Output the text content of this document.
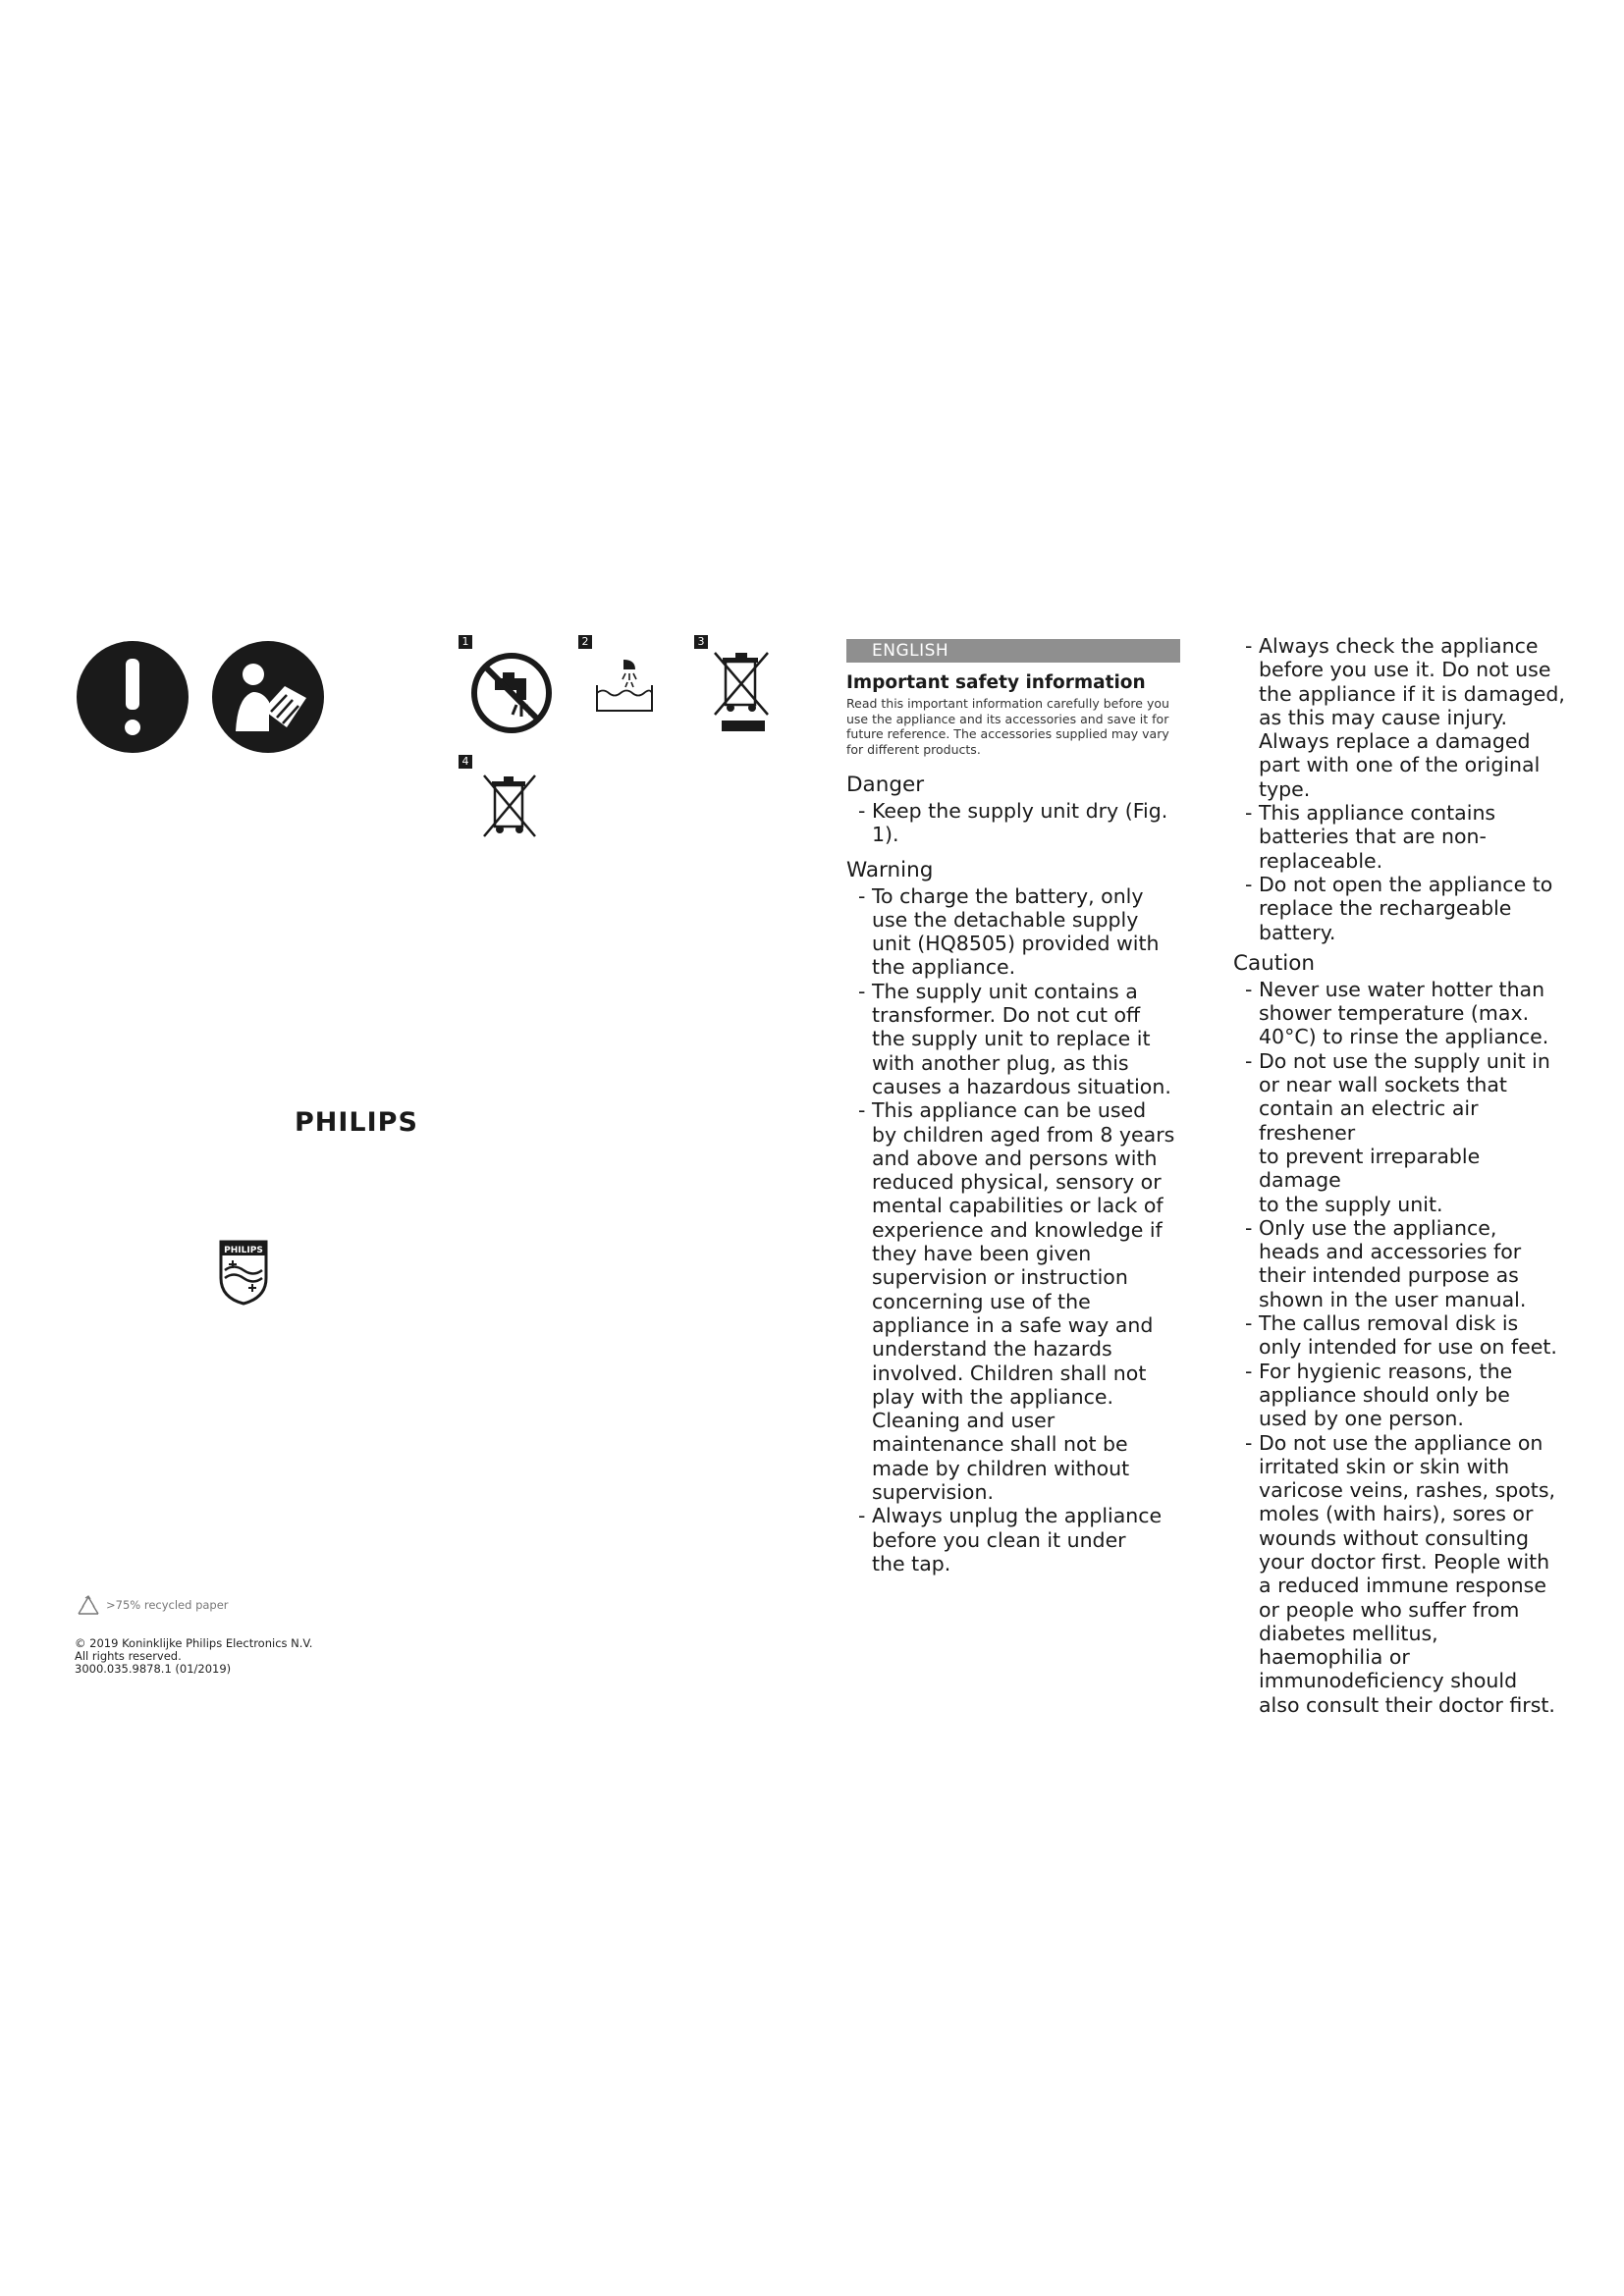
1	2	3
4
PHILIPS
PHILIPS
>75% recycled paper
© 2019 Koninklijke Philips Electronics N.V.
All rights reserved.
3000.035.9878.1 (01/2019)
ENGLISH
Important safety information
Read this important information carefully before you use the appliance and its accessories and save it for future reference. The accessories supplied may vary for different products.
Danger
- Keep the supply unit dry (Fig.
1).
Warning
- To charge the battery, only
use the detachable supply
unit (HQ8505) provided with
the appliance.
- The supply unit contains a
transformer. Do not cut off
the supply unit to replace it
with another plug, as this
causes a hazardous situation.
- This appliance can be used
by children aged from 8 years
and above and persons with
reduced physical, sensory or
mental capabilities or lack of
experience and knowledge if
they have been given
supervision or instruction
concerning use of the
appliance in a safe way and
understand the hazards
involved. Children shall not
play with the appliance.
Cleaning and user
maintenance shall not be
made by children without
supervision.
- Always unplug the appliance
before you clean it under
the tap.
- Always check the appliance
before you use it. Do not use
the appliance if it is damaged,
as this may cause injury.
Always replace a damaged
part with one of the original
type.
- This appliance contains
batteries that are non-
replaceable.
- Do not open the appliance to
replace the rechargeable
battery.
Caution
- Never use water hotter than
shower temperature (max.
40°C) to rinse the appliance.
- Do not use the supply unit in
or near wall sockets that
contain an electric air freshener
to prevent irreparable damage
to the supply unit.
- Only use the appliance,
heads and accessories for
their intended purpose as
shown in the user manual.
- The callus removal disk is
only intended for use on feet.
- For hygienic reasons, the
appliance should only be
used by one person.
- Do not use the appliance on
irritated skin or skin with
varicose veins, rashes, spots,
moles (with hairs), sores or
wounds without consulting
your doctor first. People with
a reduced immune response
or people who suffer from
diabetes mellitus,
haemophilia or
immunodeficiency should
also consult their doctor first.
